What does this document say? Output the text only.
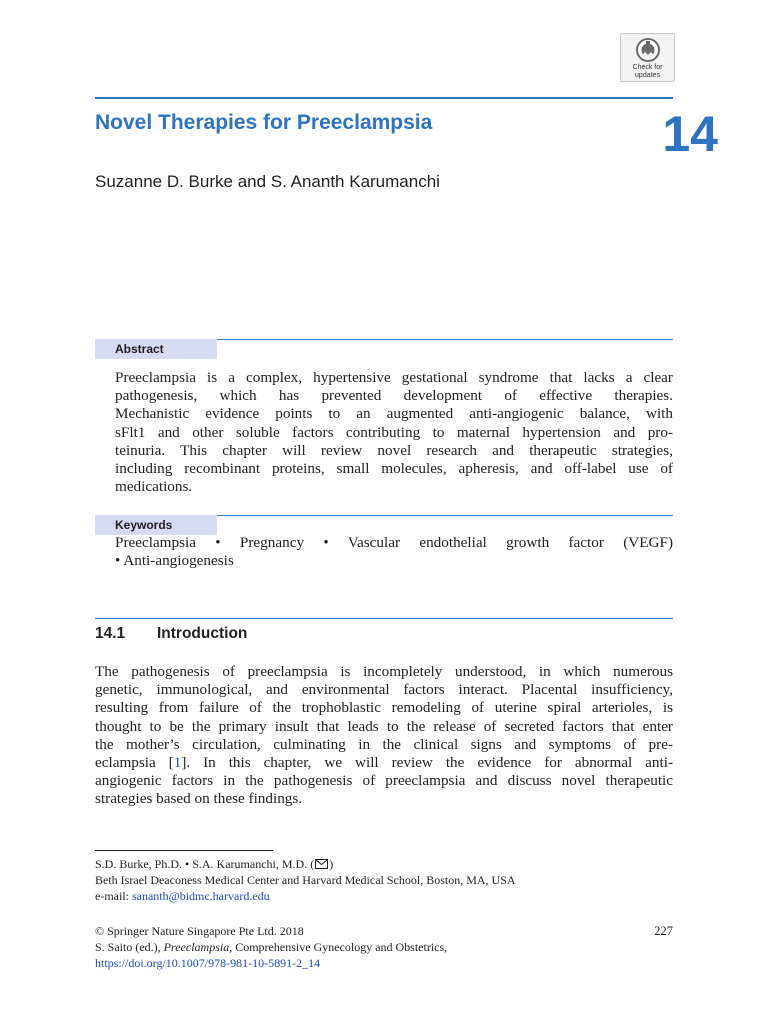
Check for
updates
Novel Therapies for Preeclampsia	14
Suzanne D. Burke and S. Ananth Karumanchi
Abstract
Preeclampsia is a complex, hypertensive gestational syndrome that lacks a clear
pathogenesis, which has prevented development of effective therapies.
Mechanistic evidence points to an augmented anti-angiogenic balance, with
sFlt1 and other soluble factors contributing to maternal hypertension and pro-
teinuria. This chapter will review novel research and therapeutic strategies,
including recombinant proteins, small molecules, apheresis, and off-label use of
medications.
Keywords
Preeclampsia • Pregnancy • Vascular endothelial growth factor (VEGF)
• Anti-angiogenesis
14.1 Introduction
The pathogenesis of preeclampsia is incompletely understood, in which numerous
genetic, immunological, and environmental factors interact. Placental insufficiency,
resulting from failure of the trophoblastic remodeling of uterine spiral arterioles, is
thought to be the primary insult that leads to the release of secreted factors that enter
the mother’s circulation, culminating in the clinical signs and symptoms of pre-
eclampsia [1]. In this chapter, we will review the evidence for abnormal anti-
angiogenic factors in the pathogenesis of preeclampsia and discuss novel therapeutic
strategies based on these findings.
S.D. Burke, Ph.D. • S.A. Karumanchi, M.D. ( )
Beth Israel Deaconess Medical Center and Harvard Medical School, Boston, MA, USA
e-mail: sananth@bidmc.harvard.edu
© Springer Nature Singapore Pte Ltd. 2018
S. Saito (ed.), Preeclampsia, Comprehensive Gynecology and Obstetrics,
https://doi.org/10.1007/978-981-10-5891-2_14
227
